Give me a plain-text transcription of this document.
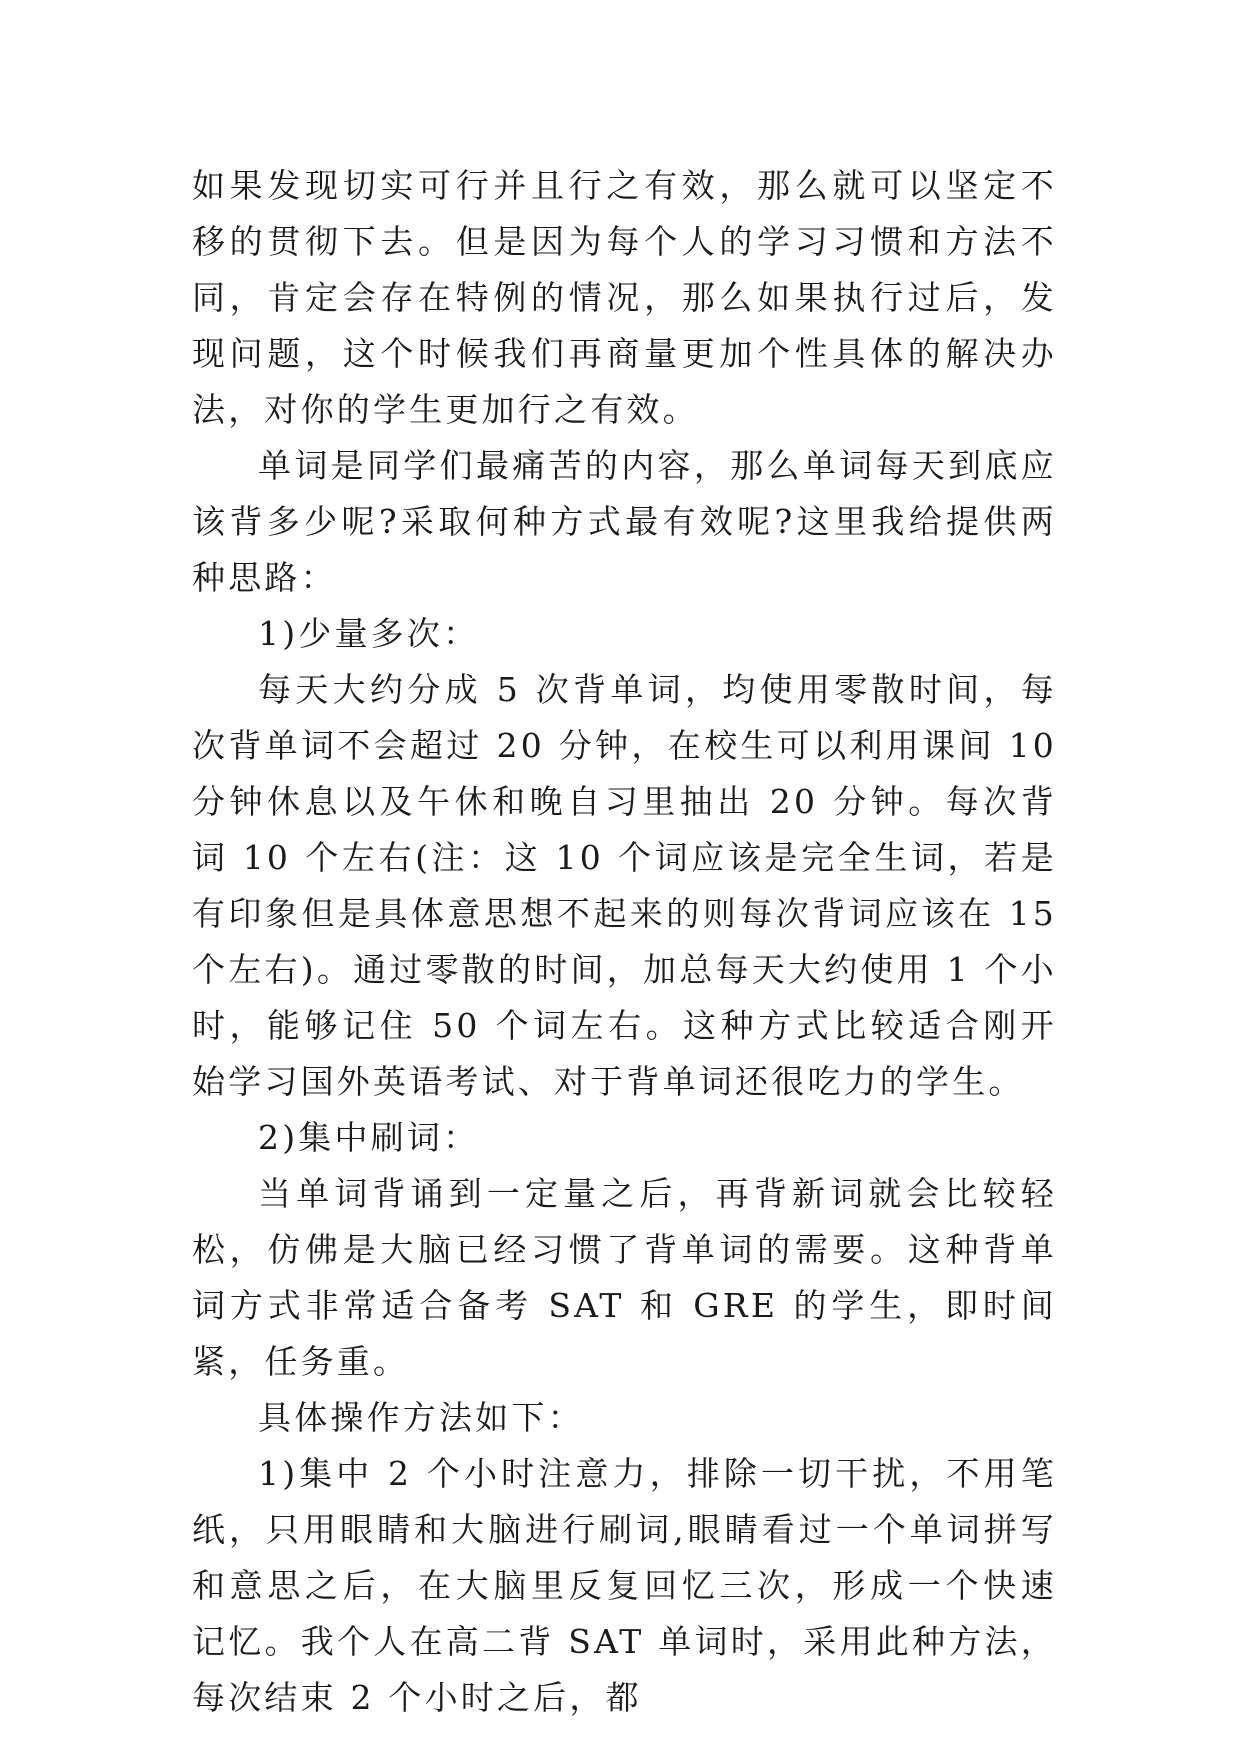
如果发现切实可行并且行之有效，那么就可以坚定不移的贯彻下去。但是因为每个人的学习习惯和方法不同，肯定会存在特例的情况，那么如果执行过后，发现问题，这个时候我们再商量更加个性具体的解决办法，对你的学生更加行之有效。

单词是同学们最痛苦的内容，那么单词每天到底应该背多少呢?采取何种方式最有效呢?这里我给提供两种思路：

1)少量多次：

每天大约分成 5 次背单词，均使用零散时间，每次背单词不会超过 20 分钟，在校生可以利用课间 10 分钟休息以及午休和晚自习里抽出 20 分钟。每次背词 10 个左右(注：这 10 个词应该是完全生词，若是有印象但是具体意思想不起来的则每次背词应该在 15 个左右)。通过零散的时间，加总每天大约使用 1 个小时，能够记住 50 个词左右。这种方式比较适合刚开始学习国外英语考试、对于背单词还很吃力的学生。

2)集中刷词：

当单词背诵到一定量之后，再背新词就会比较轻松，仿佛是大脑已经习惯了背单词的需要。这种背单词方式非常适合备考 SAT 和 GRE 的学生，即时间紧，任务重。

具体操作方法如下：

1)集中 2 个小时注意力，排除一切干扰，不用笔纸，只用眼睛和大脑进行刷词,眼睛看过一个单词拼写和意思之后，在大脑里反复回忆三次，形成一个快速记忆。我个人在高二背 SAT 单词时，采用此种方法，每次结束 2 个小时之后，都
